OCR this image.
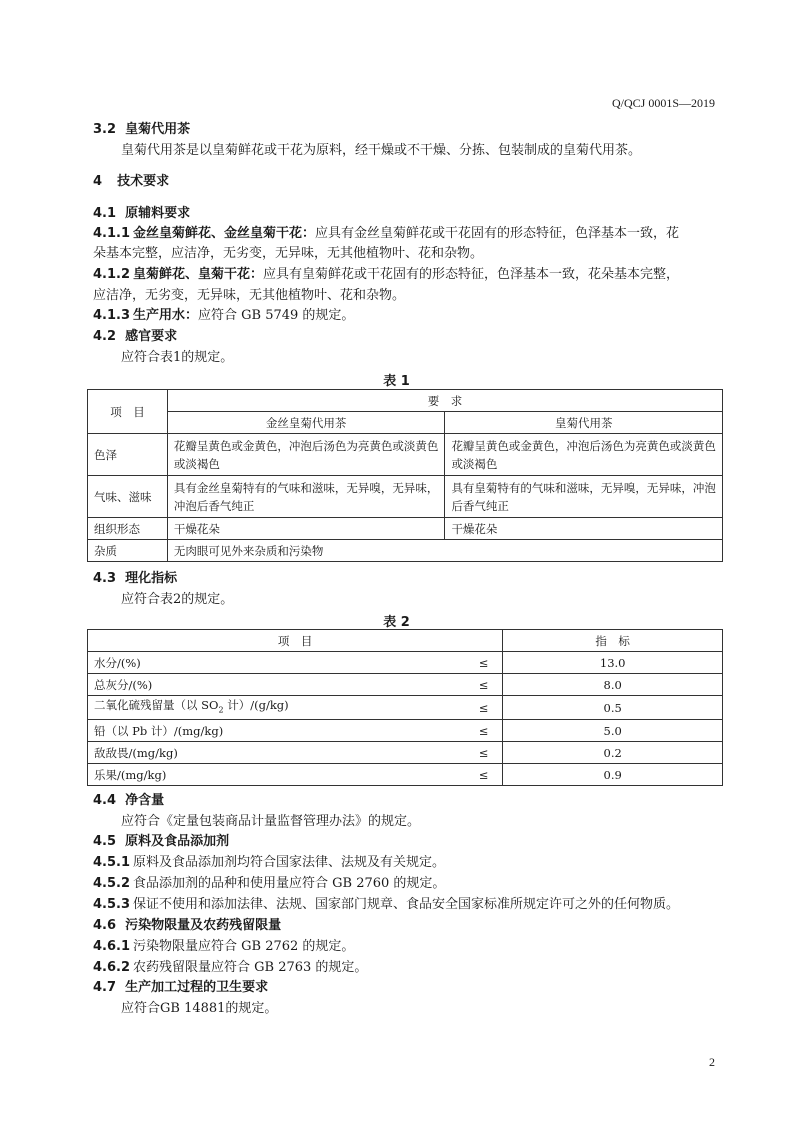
Q/QCJ 0001S—2019
3.2 皇菊代用茶
皇菊代用茶是以皇菊鲜花或干花为原料，经干燥或不干燥、分拣、包装制成的皇菊代用茶。
4 技术要求
4.1 原辅料要求
4.1.1 金丝皇菊鲜花、金丝皇菊干花：应具有金丝皇菊鲜花或干花固有的形态特征，色泽基本一致，花
朵基本完整，应洁净，无劣变，无异味，无其他植物叶、花和杂物。
4.1.2 皇菊鲜花、皇菊干花：应具有皇菊鲜花或干花固有的形态特征，色泽基本一致，花朵基本完整，
应洁净，无劣变，无异味，无其他植物叶、花和杂物。
4.1.3 生产用水：应符合 GB 5749 的规定。
4.2 感官要求
应符合表1的规定。
表 1
项　目	要　求	
	金丝皇菊代用茶	皇菊代用茶
色泽	花瓣呈黄色或金黄色，冲泡后汤色为亮黄色或淡黄色或淡褐色	花瓣呈黄色或金黄色，冲泡后汤色为亮黄色或淡黄色或淡褐色
气味、滋味	具有金丝皇菊特有的气味和滋味，无异嗅，无异味，冲泡后香气纯正	具有皇菊特有的气味和滋味，无异嗅，无异味，冲泡后香气纯正
组织形态	干燥花朵	干燥花朵
杂质	无肉眼可见外来杂质和污染物	
4.3 理化指标
应符合表2的规定。
表 2
项　目		指　标
水分/(%)	≤	13.0
总灰分/(%)	≤	8.0
二氧化硫残留量（以 $SO_2$ 计）/(g/kg)	≤	0.5
铅（以 Pb 计）/(mg/kg)	≤	5.0
敌敌畏/(mg/kg)	≤	0.2
乐果/(mg/kg)	≤	0.9
4.4 净含量
应符合《定量包装商品计量监督管理办法》的规定。
4.5 原料及食品添加剂
4.5.1 原料及食品添加剂均符合国家法律、法规及有关规定。
4.5.2 食品添加剂的品种和使用量应符合 GB 2760 的规定。
4.5.3 保证不使用和添加法律、法规、国家部门规章、食品安全国家标准所规定许可之外的任何物质。
4.6 污染物限量及农药残留限量
4.6.1 污染物限量应符合 GB 2762 的规定。
4.6.2 农药残留限量应符合 GB 2763 的规定。
4.7 生产加工过程的卫生要求
应符合GB 14881的规定。
2
